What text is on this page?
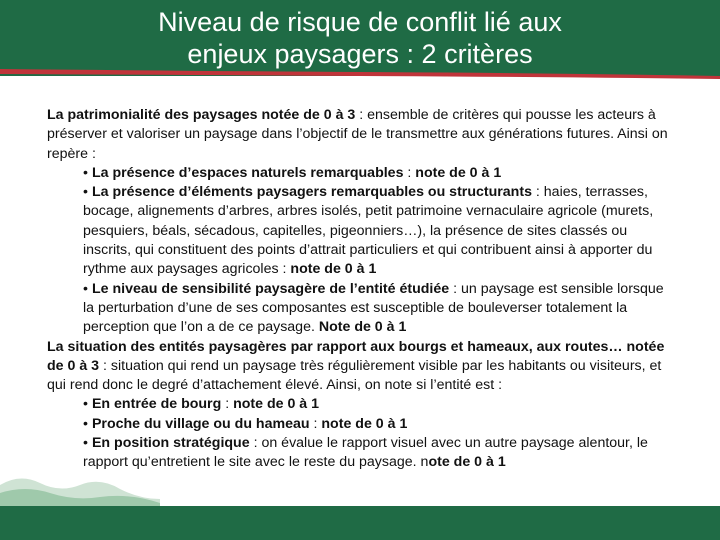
Niveau de risque de conflit lié aux
enjeux paysagers : 2 critères

La patrimonialité des paysages notée de 0 à 3 : ensemble de critères qui pousse les acteurs à préserver et valoriser un paysage dans l’objectif de le transmettre aux générations futures. Ainsi on repère :

• La présence d’espaces naturels remarquables : note de 0 à 1

• La présence d’éléments paysagers remarquables ou structurants : haies, terrasses, bocage, alignements d’arbres, arbres isolés, petit patrimoine vernaculaire agricole (murets, pesquiers, béals, sécadous, capitelles, pigeonniers…), la présence de sites classés ou inscrits, qui constituent des points d’attrait particuliers et qui contribuent ainsi à apporter du rythme aux paysages agricoles : note de 0 à 1

• Le niveau de sensibilité paysagère de l’entité étudiée : un paysage est sensible lorsque la perturbation d’une de ses composantes est susceptible de bouleverser totalement la perception que l’on a de ce paysage. Note de 0 à 1

La situation des entités paysagères par rapport aux bourgs et hameaux, aux routes… notée de 0 à 3 : situation qui rend un paysage très régulièrement visible par les habitants ou visiteurs, et qui rend donc le degré d’attachement élevé. Ainsi, on note si l’entité est :

• En entrée de bourg : note de 0 à 1

• Proche du village ou du hameau : note de 0 à 1

• En position stratégique : on évalue le rapport visuel avec un autre paysage alentour, le rapport qu’entretient le site avec le reste du paysage. note de 0 à 1
